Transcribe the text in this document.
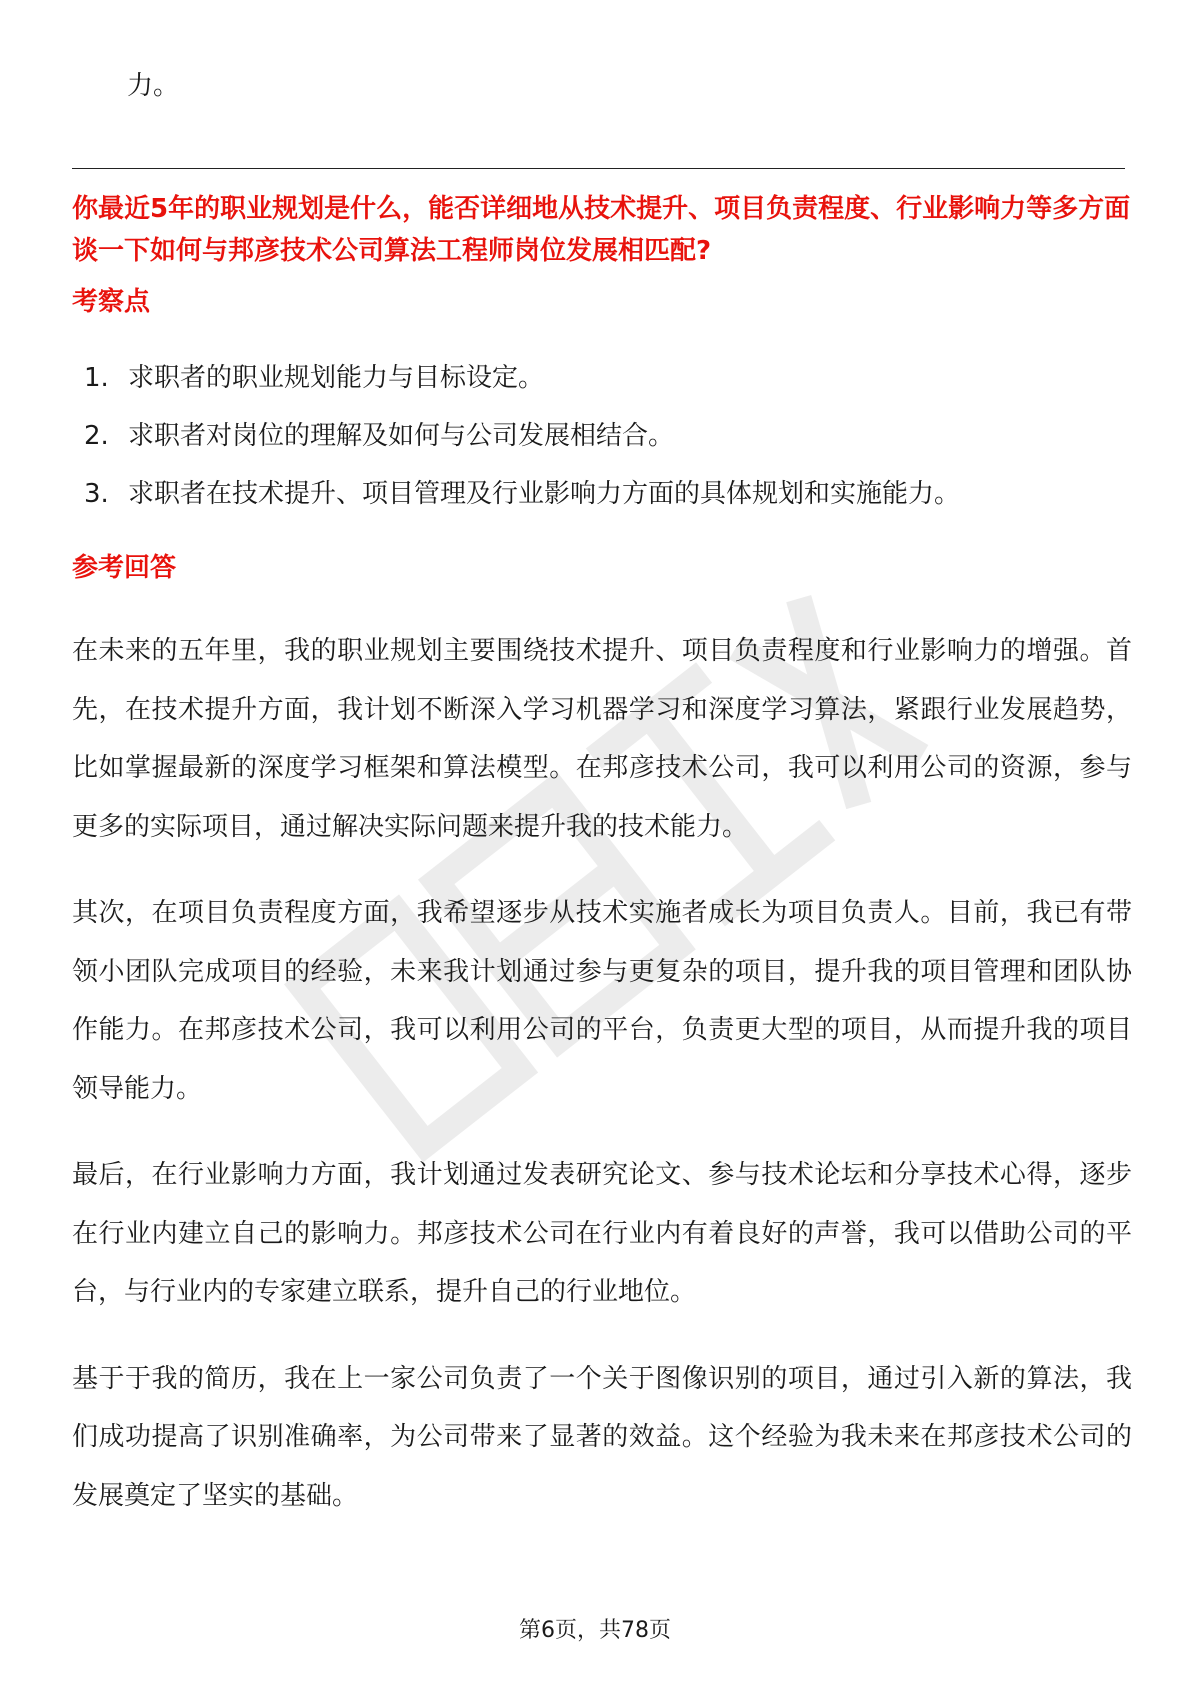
力。

你最近5年的职业规划是什么，能否详细地从技术提升、项目负责程度、行业影响力等多方面谈一下如何与邦彦技术公司算法工程师岗位发展相匹配?

考察点
1. 求职者的职业规划能力与目标设定。
2. 求职者对岗位的理解及如何与公司发展相结合。
3. 求职者在技术提升、项目管理及行业影响力方面的具体规划和实施能力。
参考回答

在未来的五年里，我的职业规划主要围绕技术提升、项目负责程度和行业影响力的增强。首先，在技术提升方面，我计划不断深入学习机器学习和深度学习算法，紧跟行业发展趋势，比如掌握最新的深度学习框架和算法模型。在邦彦技术公司，我可以利用公司的资源，参与更多的实际项目，通过解决实际问题来提升我的技术能力。

其次，在项目负责程度方面，我希望逐步从技术实施者成长为项目负责人。目前，我已有带领小团队完成项目的经验，未来我计划通过参与更复杂的项目，提升我的项目管理和团队协作能力。在邦彦技术公司，我可以利用公司的平台，负责更大型的项目，从而提升我的项目领导能力。

最后，在行业影响力方面，我计划通过发表研究论文、参与技术论坛和分享技术心得，逐步在行业内建立自己的影响力。邦彦技术公司在行业内有着良好的声誉，我可以借助公司的平台，与行业内的专家建立联系，提升自己的行业地位。

基于于我的简历，我在上一家公司负责了一个关于图像识别的项目，通过引入新的算法，我们成功提高了识别准确率，为公司带来了显著的效益。这个经验为我未来在邦彦技术公司的发展奠定了坚实的基础。

第6页，共78页
